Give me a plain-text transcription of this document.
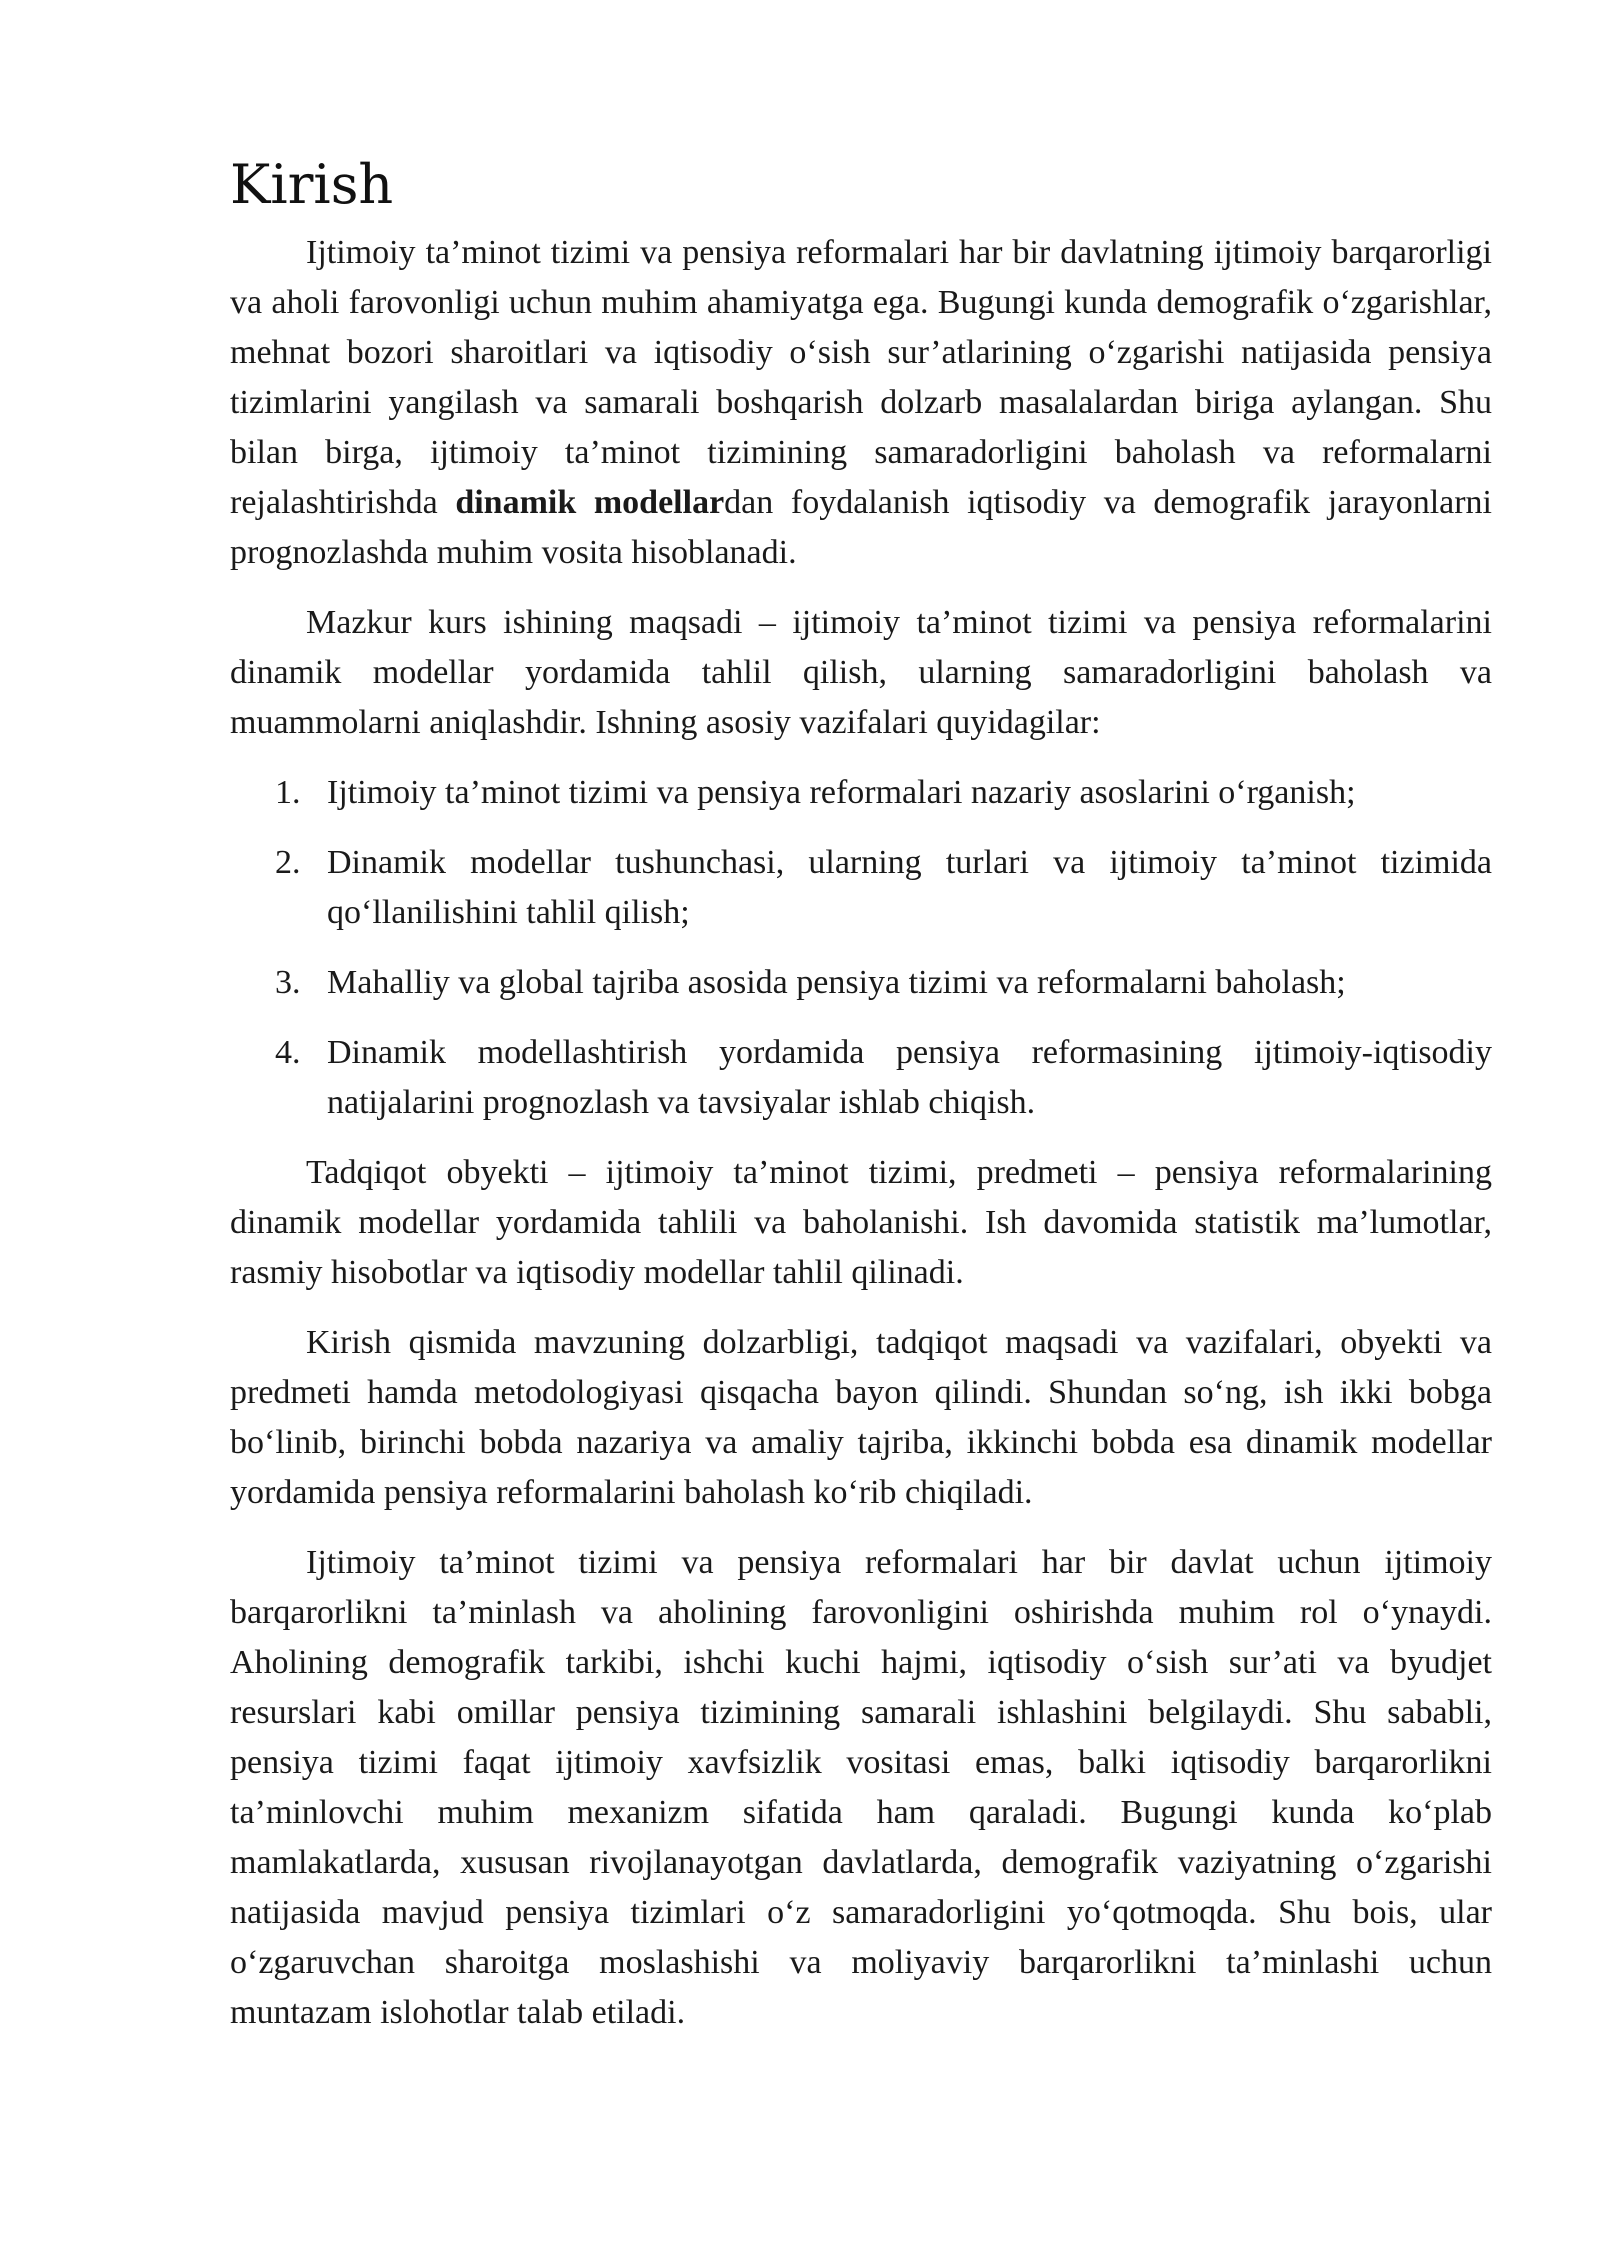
Kirish

Ijtimoiy ta’minot tizimi va pensiya reformalari har bir davlatning ijtimoiy barqarorligi va aholi farovonligi uchun muhim ahamiyatga ega. Bugungi kunda demografik o‘zgarishlar, mehnat bozori sharoitlari va iqtisodiy o‘sish sur’atlarining o‘zgarishi natijasida pensiya tizimlarini yangilash va samarali boshqarish dolzarb masalalardan biriga aylangan. Shu bilan birga, ijtimoiy ta’minot tizimining samaradorligini baholash va reformalarni rejalashtirishda dinamik modellardan foydalanish iqtisodiy va demografik jarayonlarni prognozlashda muhim vosita hisoblanadi.

Mazkur kurs ishining maqsadi – ijtimoiy ta’minot tizimi va pensiya reformalarini dinamik modellar yordamida tahlil qilish, ularning samaradorligini baholash va muammolarni aniqlashdir. Ishning asosiy vazifalari quyidagilar:

1. Ijtimoiy ta’minot tizimi va pensiya reformalari nazariy asoslarini o‘rganish;
2. Dinamik modellar tushunchasi, ularning turlari va ijtimoiy ta’minot tizimida qo‘llanilishini tahlil qilish;
3. Mahalliy va global tajriba asosida pensiya tizimi va reformalarni baholash;
4. Dinamik modellashtirish yordamida pensiya reformasining ijtimoiy-iqtisodiy natijalarini prognozlash va tavsiyalar ishlab chiqish.

Tadqiqot obyekti – ijtimoiy ta’minot tizimi, predmeti – pensiya reformalarining dinamik modellar yordamida tahlili va baholanishi. Ish davomida statistik ma’lumotlar, rasmiy hisobotlar va iqtisodiy modellar tahlil qilinadi.

Kirish qismida mavzuning dolzarbligi, tadqiqot maqsadi va vazifalari, obyekti va predmeti hamda metodologiyasi qisqacha bayon qilindi. Shundan so‘ng, ish ikki bobga bo‘linib, birinchi bobda nazariya va amaliy tajriba, ikkinchi bobda esa dinamik modellar yordamida pensiya reformalarini baholash ko‘rib chiqiladi.

Ijtimoiy ta’minot tizimi va pensiya reformalari har bir davlat uchun ijtimoiy barqarorlikni ta’minlash va aholining farovonligini oshirishda muhim rol o‘ynaydi. Aholining demografik tarkibi, ishchi kuchi hajmi, iqtisodiy o‘sish sur’ati va byudjet resurslari kabi omillar pensiya tizimining samarali ishlashini belgilaydi. Shu sababli, pensiya tizimi faqat ijtimoiy xavfsizlik vositasi emas, balki iqtisodiy barqarorlikni ta’minlovchi muhim mexanizm sifatida ham qaraladi. Bugungi kunda ko‘plab mamlakatlarda, xususan rivojlanayotgan davlatlarda, demografik vaziyatning o‘zgarishi natijasida mavjud pensiya tizimlari o‘z samaradorligini yo‘qotmoqda. Shu bois, ular o‘zgaruvchan sharoitga moslashishi va moliyaviy barqarorlikni ta’minlashi uchun muntazam islohotlar talab etiladi.
